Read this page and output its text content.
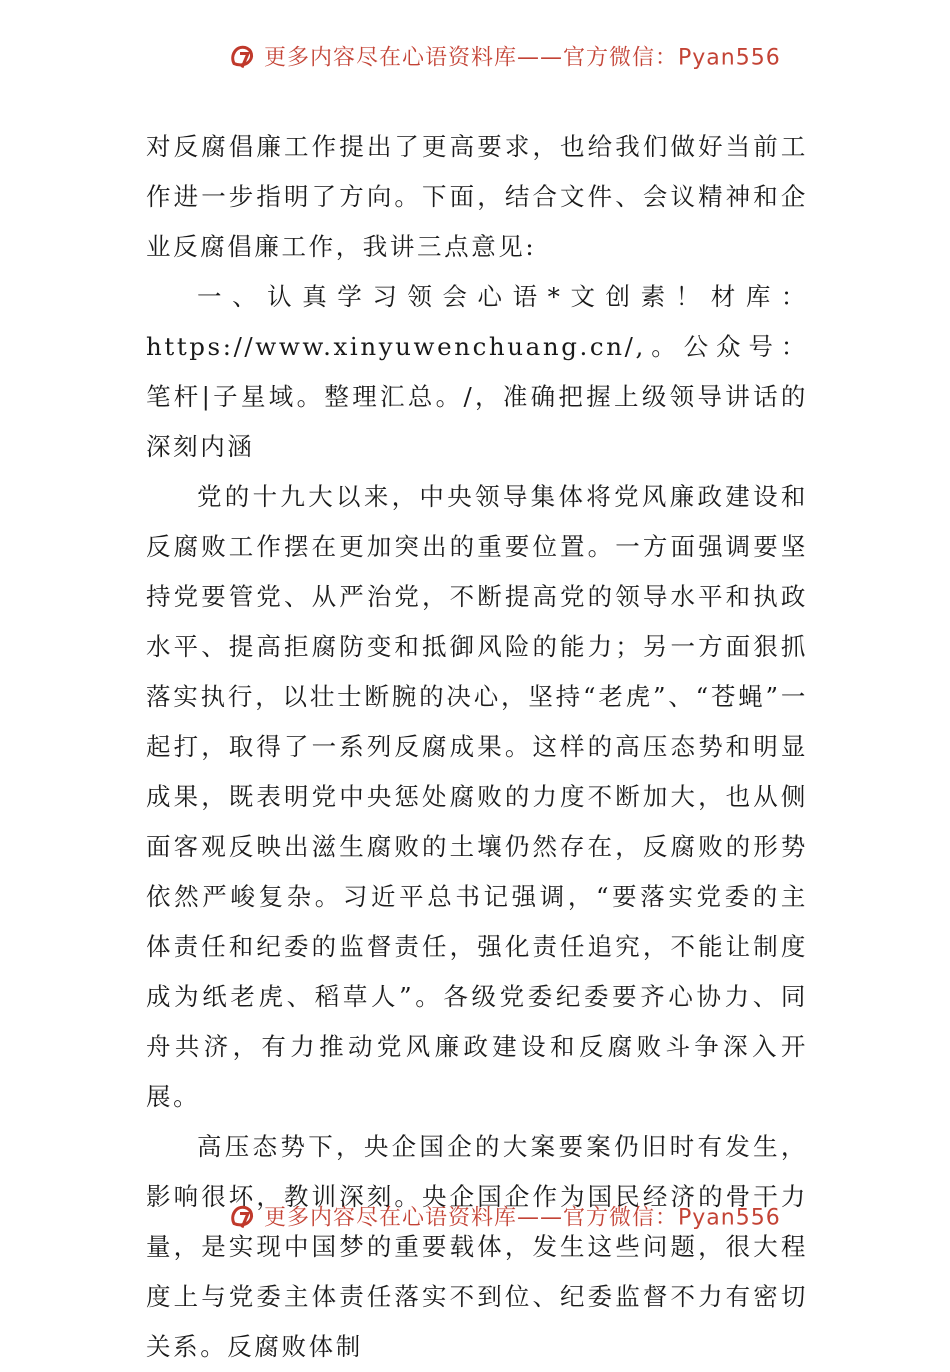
更多内容尽在心语资料库——官方微信：Pyan556

对反腐倡廉工作提出了更高要求，也给我们做好当前工作进一步指明了方向。下面，结合文件、会议精神和企业反腐倡廉工作，我讲三点意见:

一、认真学习领会心语*文创素！材库：https://www.xinyuwenchuang.cn/,。公众号：笔杆|子星域。整理汇总。/，准确把握上级领导讲话的深刻内涵

党的十九大以来，中央领导集体将党风廉政建设和反腐败工作摆在更加突出的重要位置。一方面强调要坚持党要管党、从严治党，不断提高党的领导水平和执政水平、提高拒腐防变和抵御风险的能力；另一方面狠抓落实执行，以壮士断腕的决心，坚持“老虎”、“苍蝇”一起打，取得了一系列反腐成果。这样的高压态势和明显成果，既表明党中央惩处腐败的力度不断加大，也从侧面客观反映出滋生腐败的土壤仍然存在，反腐败的形势依然严峻复杂。习近平总书记强调，“要落实党委的主体责任和纪委的监督责任，强化责任追究，不能让制度成为纸老虎、稻草人”。各级党委纪委要齐心协力、同舟共济，有力推动党风廉政建设和反腐败斗争深入开展。

高压态势下，央企国企的大案要案仍旧时有发生，影响很坏，教训深刻。央企国企作为国民经济的骨干力量，是实现中国梦的重要载体，发生这些问题，很大程度上与党委主体责任落实不到位、纪委监督不力有密切关系。反腐败体制

更多内容尽在心语资料库——官方微信：Pyan556
